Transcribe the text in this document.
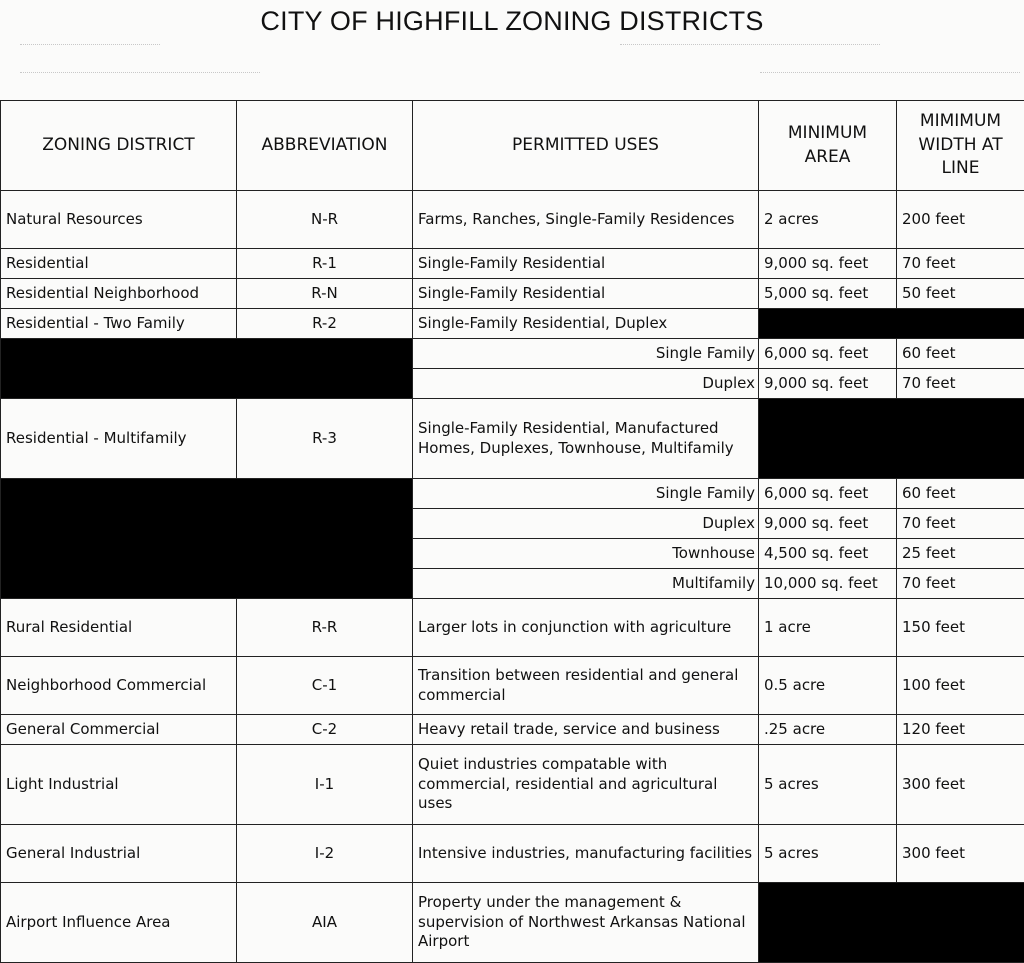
CITY OF HIGHFILL ZONING DISTRICTS
ZONING DISTRICT	ABBREVIATION	PERMITTED USES	MINIMUM AREA	MIMIMUM WIDTH AT LINE
Natural Resources	N-R	Farms, Ranches, Single-Family Residences	2 acres	200 feet
Residential	R-1	Single-Family Residential	9,000 sq. feet	70 feet
Residential Neighborhood	R-N	Single-Family Residential	5,000 sq. feet	50 feet
Residential - Two Family	R-2	Single-Family Residential, Duplex		
		Single Family	6,000 sq. feet	60 feet
		Duplex	9,000 sq. feet	70 feet
Residential - Multifamily	R-3	Single-Family Residential, Manufactured Homes, Duplexes, Townhouse, Multifamily		
		Single Family	6,000 sq. feet	60 feet
		Duplex	9,000 sq. feet	70 feet
		Townhouse	4,500 sq. feet	25 feet
		Multifamily	10,000 sq. feet	70 feet
Rural Residential	R-R	Larger lots in conjunction with agriculture	1 acre	150 feet
Neighborhood Commercial	C-1	Transition between residential and general commercial	0.5 acre	100 feet
General Commercial	C-2	Heavy retail trade, service and business	.25 acre	120 feet
Light Industrial	I-1	Quiet industries compatable with commercial, residential and agricultural uses	5 acres	300 feet
General Industrial	I-2	Intensive industries, manufacturing facilities	5 acres	300 feet
Airport Influence Area	AIA	Property under the management & supervision of Northwest Arkansas National Airport		
